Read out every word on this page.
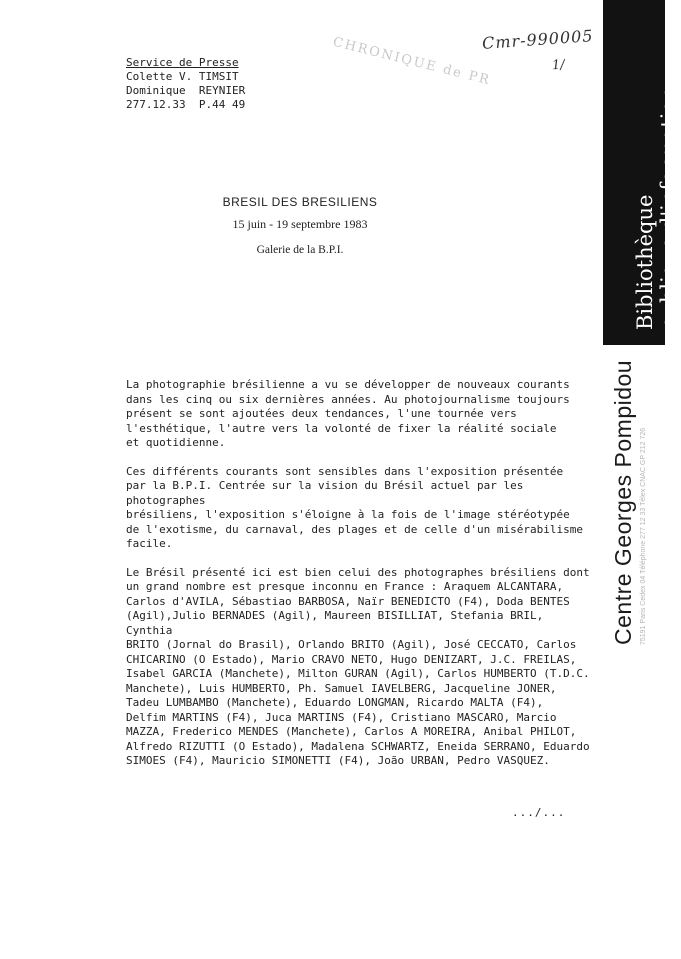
Cmr-990005
1/
CHRONIQUE de PR
Service de Presse
Colette V. TIMSIT
Dominique  REYNIER
277.12.33  P.44 49
BRESIL DES BRESILIENS
15 juin - 19 septembre 1983
Galerie de la B.P.I.

La photographie brésilienne a vu se développer de nouveaux courants
dans les cinq ou six dernières années. Au photojournalisme toujours
présent se sont ajoutées deux tendances, l'une tournée vers
l'esthétique, l'autre vers la volonté de fixer la réalité sociale
et quotidienne.

Ces différents courants sont sensibles dans l'exposition présentée
par la B.P.I. Centrée sur la vision du Brésil actuel par les photographes
brésiliens, l'exposition s'éloigne à la fois de l'image stéréotypée
de l'exotisme, du carnaval, des plages et de celle d'un misérabilisme
facile.

Le Brésil présenté ici est bien celui des photographes brésiliens dont
un grand nombre est presque inconnu en France : Araquem ALCANTARA,
Carlos d'AVILA, Sébastiao BARBOSA, Naïr BENEDICTO (F4), Doda BENTES
(Agil),Julio BERNADES (Agil), Maureen BISILLIAT, Stefania BRIL, Cynthia
BRITO (Jornal do Brasil), Orlando BRITO (Agil), José CECCATO, Carlos
CHICARINO (O Estado), Mario CRAVO NETO, Hugo DENIZART, J.C. FREILAS,
Isabel GARCIA (Manchete), Milton GURAN (Agil), Carlos HUMBERTO (T.D.C.
Manchete), Luis HUMBERTO, Ph. Samuel IAVELBERG, Jacqueline JONER,
Tadeu LUMBAMBO (Manchete), Eduardo LONGMAN, Ricardo MALTA (F4),
Delfim MARTINS (F4), Juca MARTINS (F4), Cristiano MASCARO, Marcio
MAZZA, Frederico MENDES (Manchete), Carlos A MOREIRA, Anibal PHILOT,
Alfredo RIZUTTI (O Estado), Madalena SCHWARTZ, Eneida SERRANO, Eduardo
SIMOES (F4), Mauricio SIMONETTI (F4), João URBAN, Pedro VASQUEZ.

.../...
Bibliothèque publique d'information
Centre Georges Pompidou 75191 Paris Cedex 04 Téléphone 277 12 33 Télex CNAC GP 212 726
